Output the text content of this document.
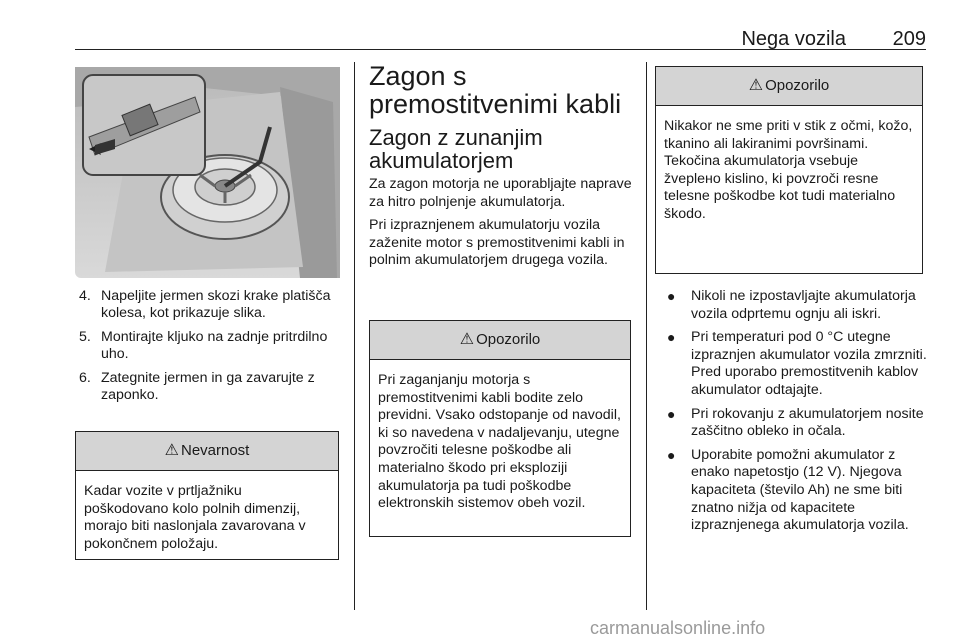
Nega vozila 209
4. Napeljite jermen skozi krake platišča kolesa, kot prikazuje slika.
5. Montirajte kljuko na zadnje pritrdilno uho.
6. Zategnite jermen in ga zavarujte z zaponko.
⚠ Nevarnost
Kadar vozite v prtljažniku poškodovano kolo polnih dimenzij, morajo biti naslonjala zavarovana v pokončnem položaju.
Zagon s premostitvenimi kabli
Zagon z zunanjim akumulatorjem

Za zagon motorja ne uporabljajte naprave za hitro polnjenje akumulatorja.

Pri izpraznjenem akumulatorju vozila zaženite motor s premostitvenimi kabli in polnim akumulatorjem drugega vozila.

⚠ Opozorilo
Pri zaganjanju motorja s premostitvenimi kabli bodite zelo previdni. Vsako odstopanje od navodil, ki so navedena v nadaljevanju, utegne povzročiti telesne poškodbe ali materialno škodo pri eksploziji akumulatorja pa tudi poškodbe elektronskih sistemov obeh vozil.
⚠ Opozorilo
Nikakor ne sme priti v stik z očmi, kožo, tkanino ali lakiranimi površinami. Tekočina akumulatorja vsebuje žveplено kislino, ki povzroči resne telesne poškodbe kot tudi materialno škodo.
● Nikoli ne izpostavljajte akumulatorja vozila odprtemu ognju ali iskri.
● Pri temperaturi pod 0 °C utegne izpraznjen akumulator vozila zmrzniti. Pred uporabo premostitvenih kablov akumulator odtajajte.
● Pri rokovanju z akumulatorjem nosite zaščitno obleko in očala.
● Uporabite pomožni akumulator z enako napetostjo (12 V). Njegova kapaciteta (število Ah) ne sme biti znatno nižja od kapacitete izpraznjenega akumulatorja vozila.
carmanualsonline.info
